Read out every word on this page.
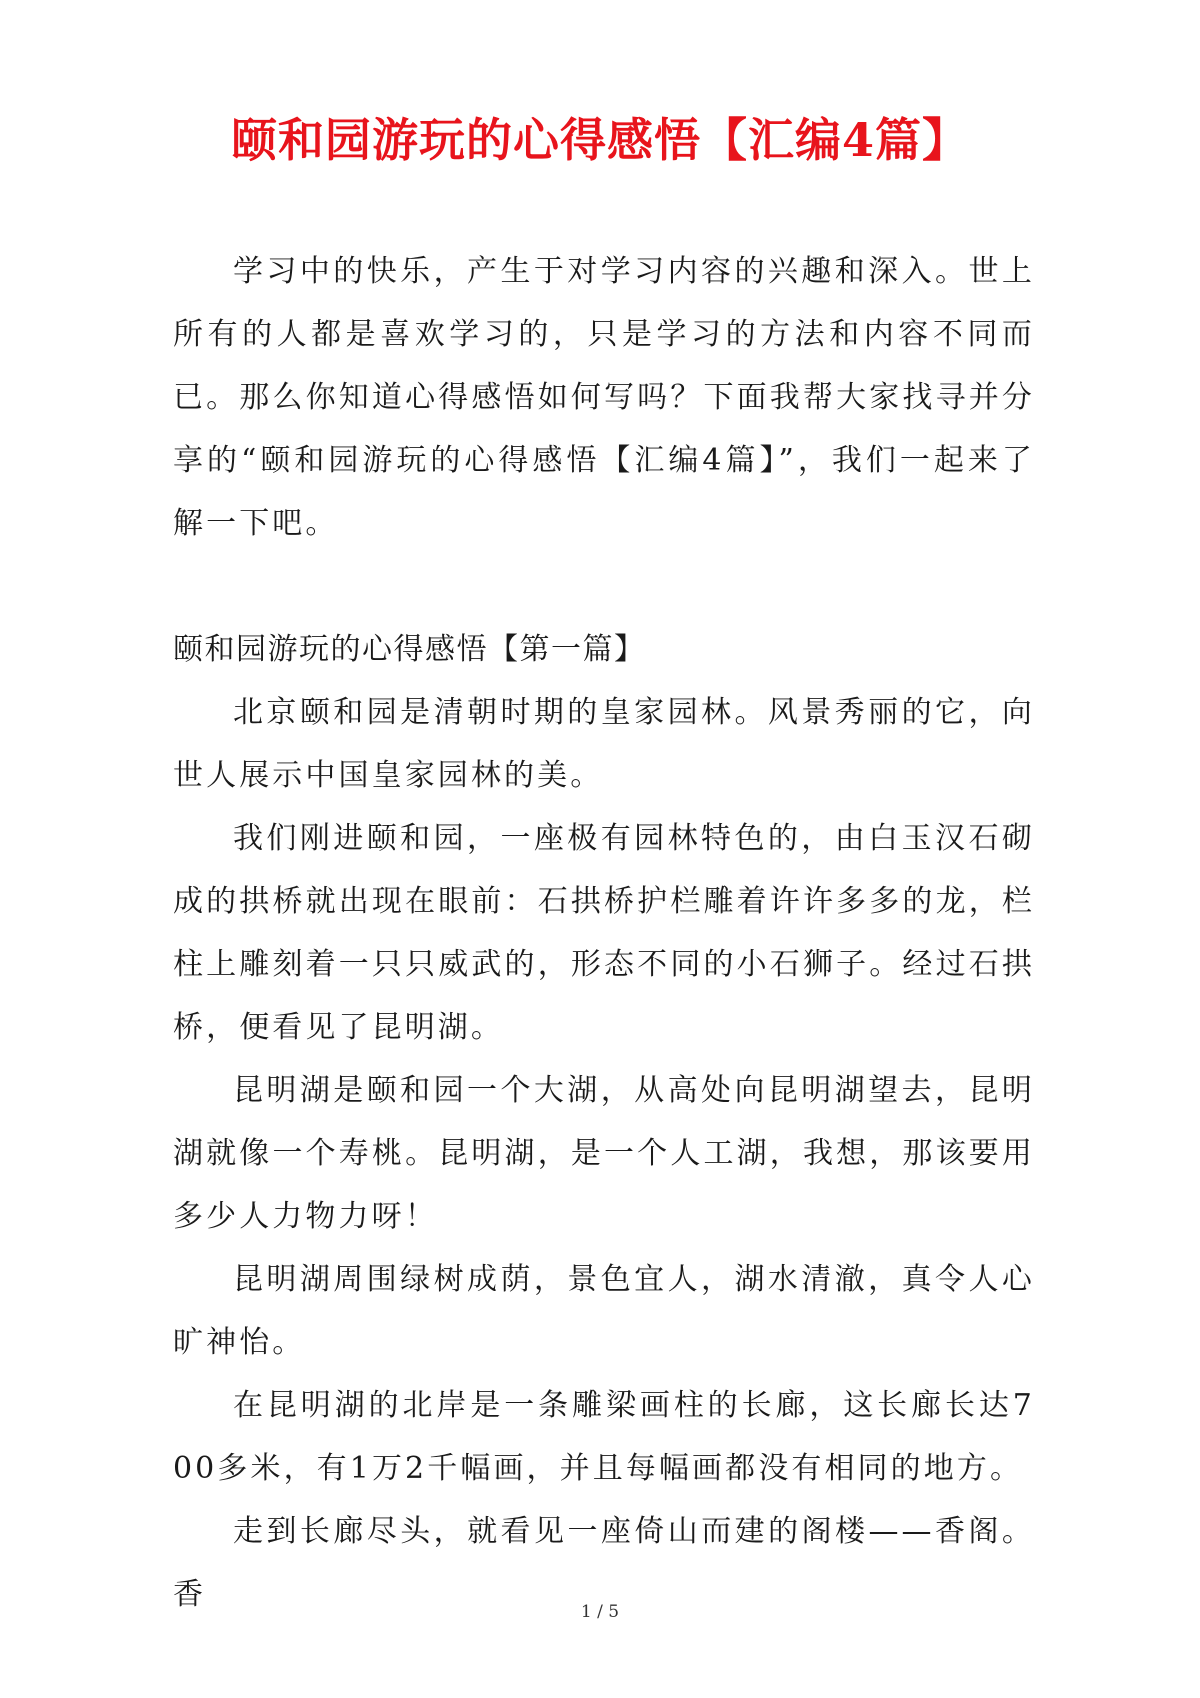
颐和园游玩的心得感悟【汇编4篇】

学习中的快乐，产生于对学习内容的兴趣和深入。世上所有的人都是喜欢学习的，只是学习的方法和内容不同而已。那么你知道心得感悟如何写吗？下面我帮大家找寻并分享的“颐和园游玩的心得感悟【汇编4篇】”，我们一起来了解一下吧。

颐和园游玩的心得感悟【第一篇】

北京颐和园是清朝时期的皇家园林。风景秀丽的它，向世人展示中国皇家园林的美。

我们刚进颐和园，一座极有园林特色的，由白玉汉石砌成的拱桥就出现在眼前：石拱桥护栏雕着许许多多的龙，栏柱上雕刻着一只只威武的，形态不同的小石狮子。经过石拱桥，便看见了昆明湖。

昆明湖是颐和园一个大湖，从高处向昆明湖望去，昆明湖就像一个寿桃。昆明湖，是一个人工湖，我想，那该要用多少人力物力呀！

昆明湖周围绿树成荫，景色宜人，湖水清澈，真令人心旷神怡。

在昆明湖的北岸是一条雕梁画柱的长廊，这长廊长达700多米，有1万2千幅画，并且每幅画都没有相同的地方。

走到长廊尽头，就看见一座倚山而建的阁楼——香阁。香	1 / 5
